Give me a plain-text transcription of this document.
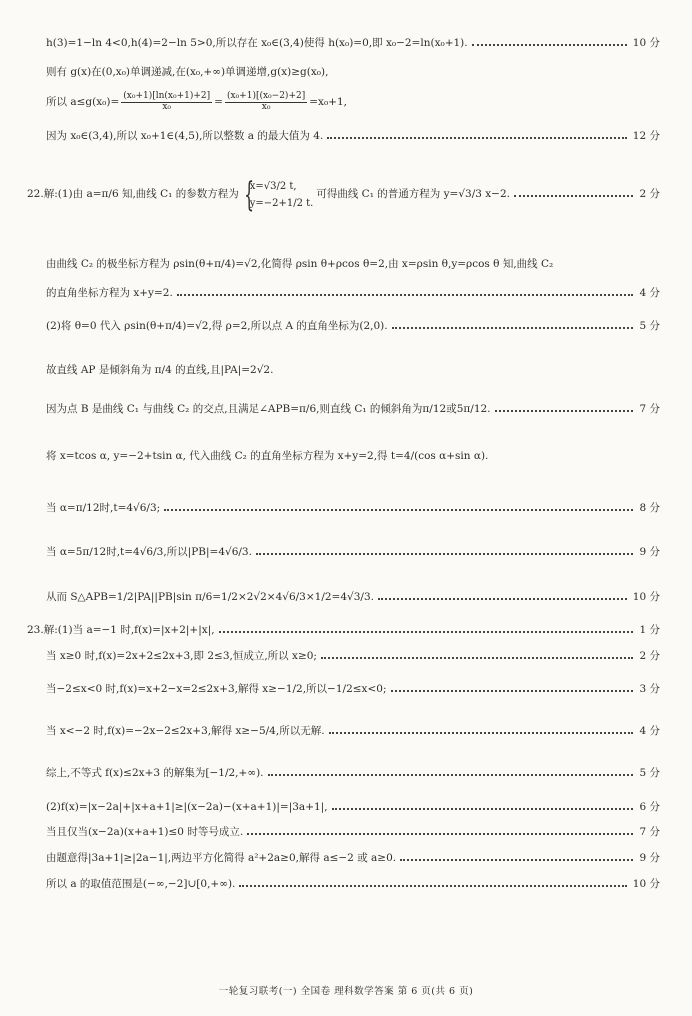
h(3)=1−ln 4<0,h(4)=2−ln 5>0,所以存在 x₀∈(3,4)使得 h(x₀)=0,即 x₀−2=ln(x₀+1).	10 分
则有 g(x)在(0,x₀)单调递减,在(x₀,+∞)单调递增,g(x)≥g(x₀),
所以 $a\le g(x_0)= \frac{\text{(x₀+1)[ln(x₀+1)+2]}}{\text{x₀}} = \frac{\text{(x₀+1)[(x₀−2)+2]}}{\text{x₀}} =x_0+1$,
因为 x₀∈(3,4),所以 x₀+1∈(4,5),所以整数 a 的最大值为 4.	12 分
22.解:(1)由 a=π/6 知,曲线 C₁ 的参数方程为 {
x=√3/2 t,
y=−2+1/2 t.
可得曲线 C₁ 的普通方程为 y=√3/3 x−2.	2 分
由曲线 C₂ 的极坐标方程为 ρsin(θ+π/4)=√2,化简得 ρsin θ+ρcos θ=2,由 x=ρsin θ,y=ρcos θ 知,曲线 C₂
的直角坐标方程为 x+y=2.	4 分
(2)将 θ=0 代入 ρsin(θ+π/4)=√2,得 ρ=2,所以点 A 的直角坐标为(2,0).	5 分
故直线 AP 是倾斜角为 π/4 的直线,且|PA|=2√2.
因为点 B 是曲线 C₁ 与曲线 C₂ 的交点,且满足∠APB=π/6,则直线 C₁ 的倾斜角为π/12或5π/12.	7 分
将 x=tcos α, y=−2+tsin α, 代入曲线 C₂ 的直角坐标方程为 x+y=2,得 t=4/(cos α+sin α).
当 α=π/12时,t=4√6/3;	8 分
当 α=5π/12时,t=4√6/3,所以|PB|=4√6/3.	9 分
从而 S△APB=1/2|PA||PB|sin π/6=1/2×2√2×4√6/3×1/2=4√3/3.	10 分
23.解:(1)当 a=−1 时,f(x)=|x+2|+|x|,	1 分
当 x≥0 时,f(x)=2x+2≤2x+3,即 2≤3,恒成立,所以 x≥0;	2 分
当−2≤x<0 时,f(x)=x+2−x=2≤2x+3,解得 x≥−1/2,所以−1/2≤x<0;	3 分
当 x<−2 时,f(x)=−2x−2≤2x+3,解得 x≥−5/4,所以无解.	4 分
综上,不等式 f(x)≤2x+3 的解集为[−1/2,+∞).	5 分
(2)f(x)=|x−2a|+|x+a+1|≥|(x−2a)−(x+a+1)|=|3a+1|,	6 分
当且仅当(x−2a)(x+a+1)≤0 时等号成立.	7 分
由题意得|3a+1|≥|2a−1|,两边平方化简得 a²+2a≥0,解得 a≤−2 或 a≥0.	9 分
所以 a 的取值范围是(−∞,−2]∪[0,+∞).	10 分
一轮复习联考(一) 全国卷 理科数学答案 第 6 页(共 6 页)
